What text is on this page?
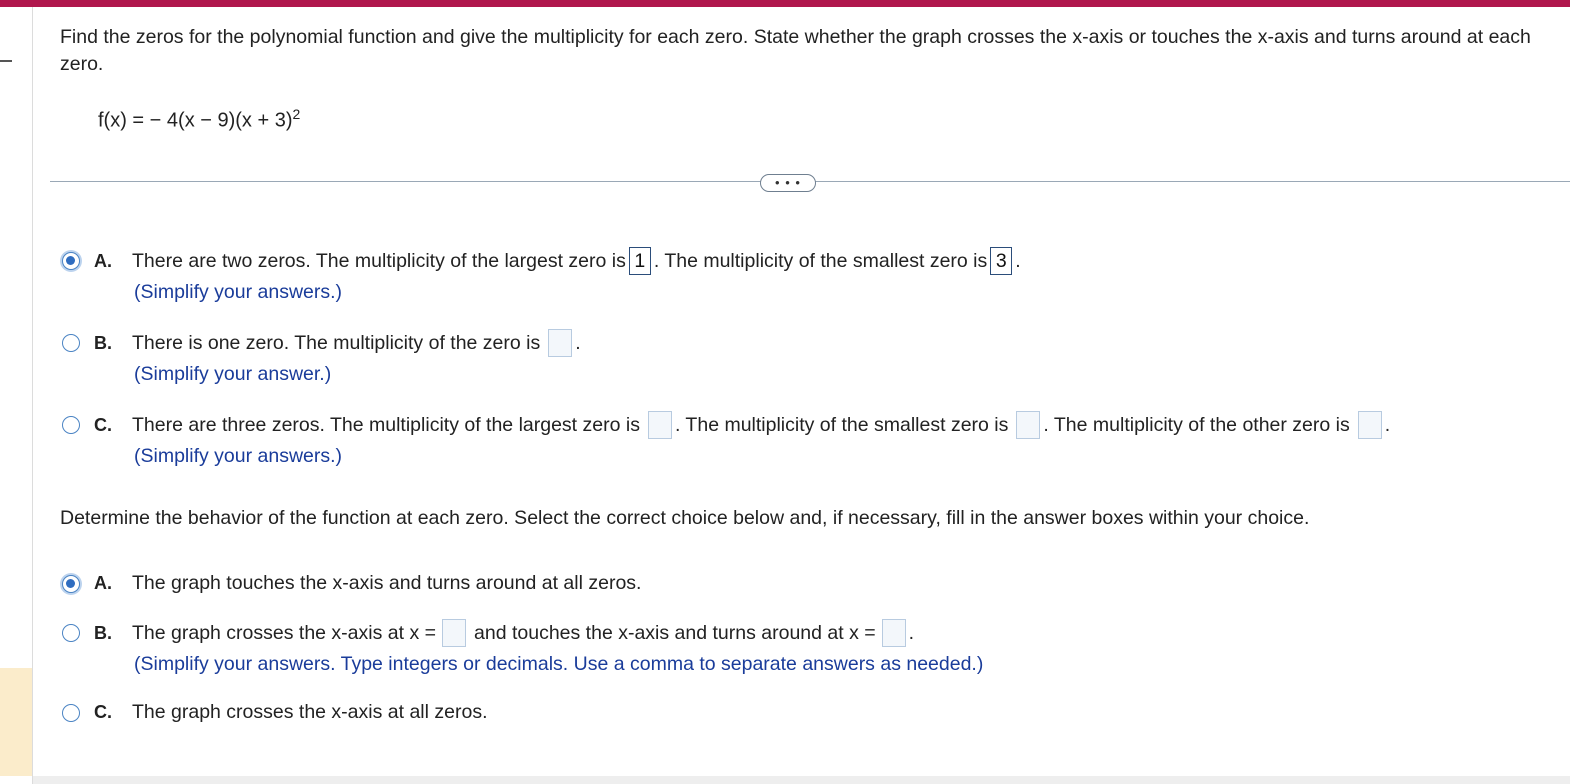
Find the zeros for the polynomial function and give the multiplicity for each zero. State whether the graph crosses the x-axis or touches the x-axis and turns around at each zero.
f(x) = − $4(x - 9)(x + 3)^2$
• • •
A.	There are two zeros. The multiplicity of the largest zero is 1 . The multiplicity of the smallest zero is 3 .
(Simplify your answers.)
B.	There is one zero. The multiplicity of the zero is .
(Simplify your answer.)
C.	There are three zeros. The multiplicity of the largest zero is . The multiplicity of the smallest zero is . The multiplicity of the other zero is .
(Simplify your answers.)
Determine the behavior of the function at each zero. Select the correct choice below and, if necessary, fill in the answer boxes within your choice.
A.	The graph touches the x-axis and turns around at all zeros.
B.	The graph crosses the x-axis at x = and touches the x-axis and turns around at x = .
(Simplify your answers. Type integers or decimals. Use a comma to separate answers as needed.)
C.	The graph crosses the x-axis at all zeros.
